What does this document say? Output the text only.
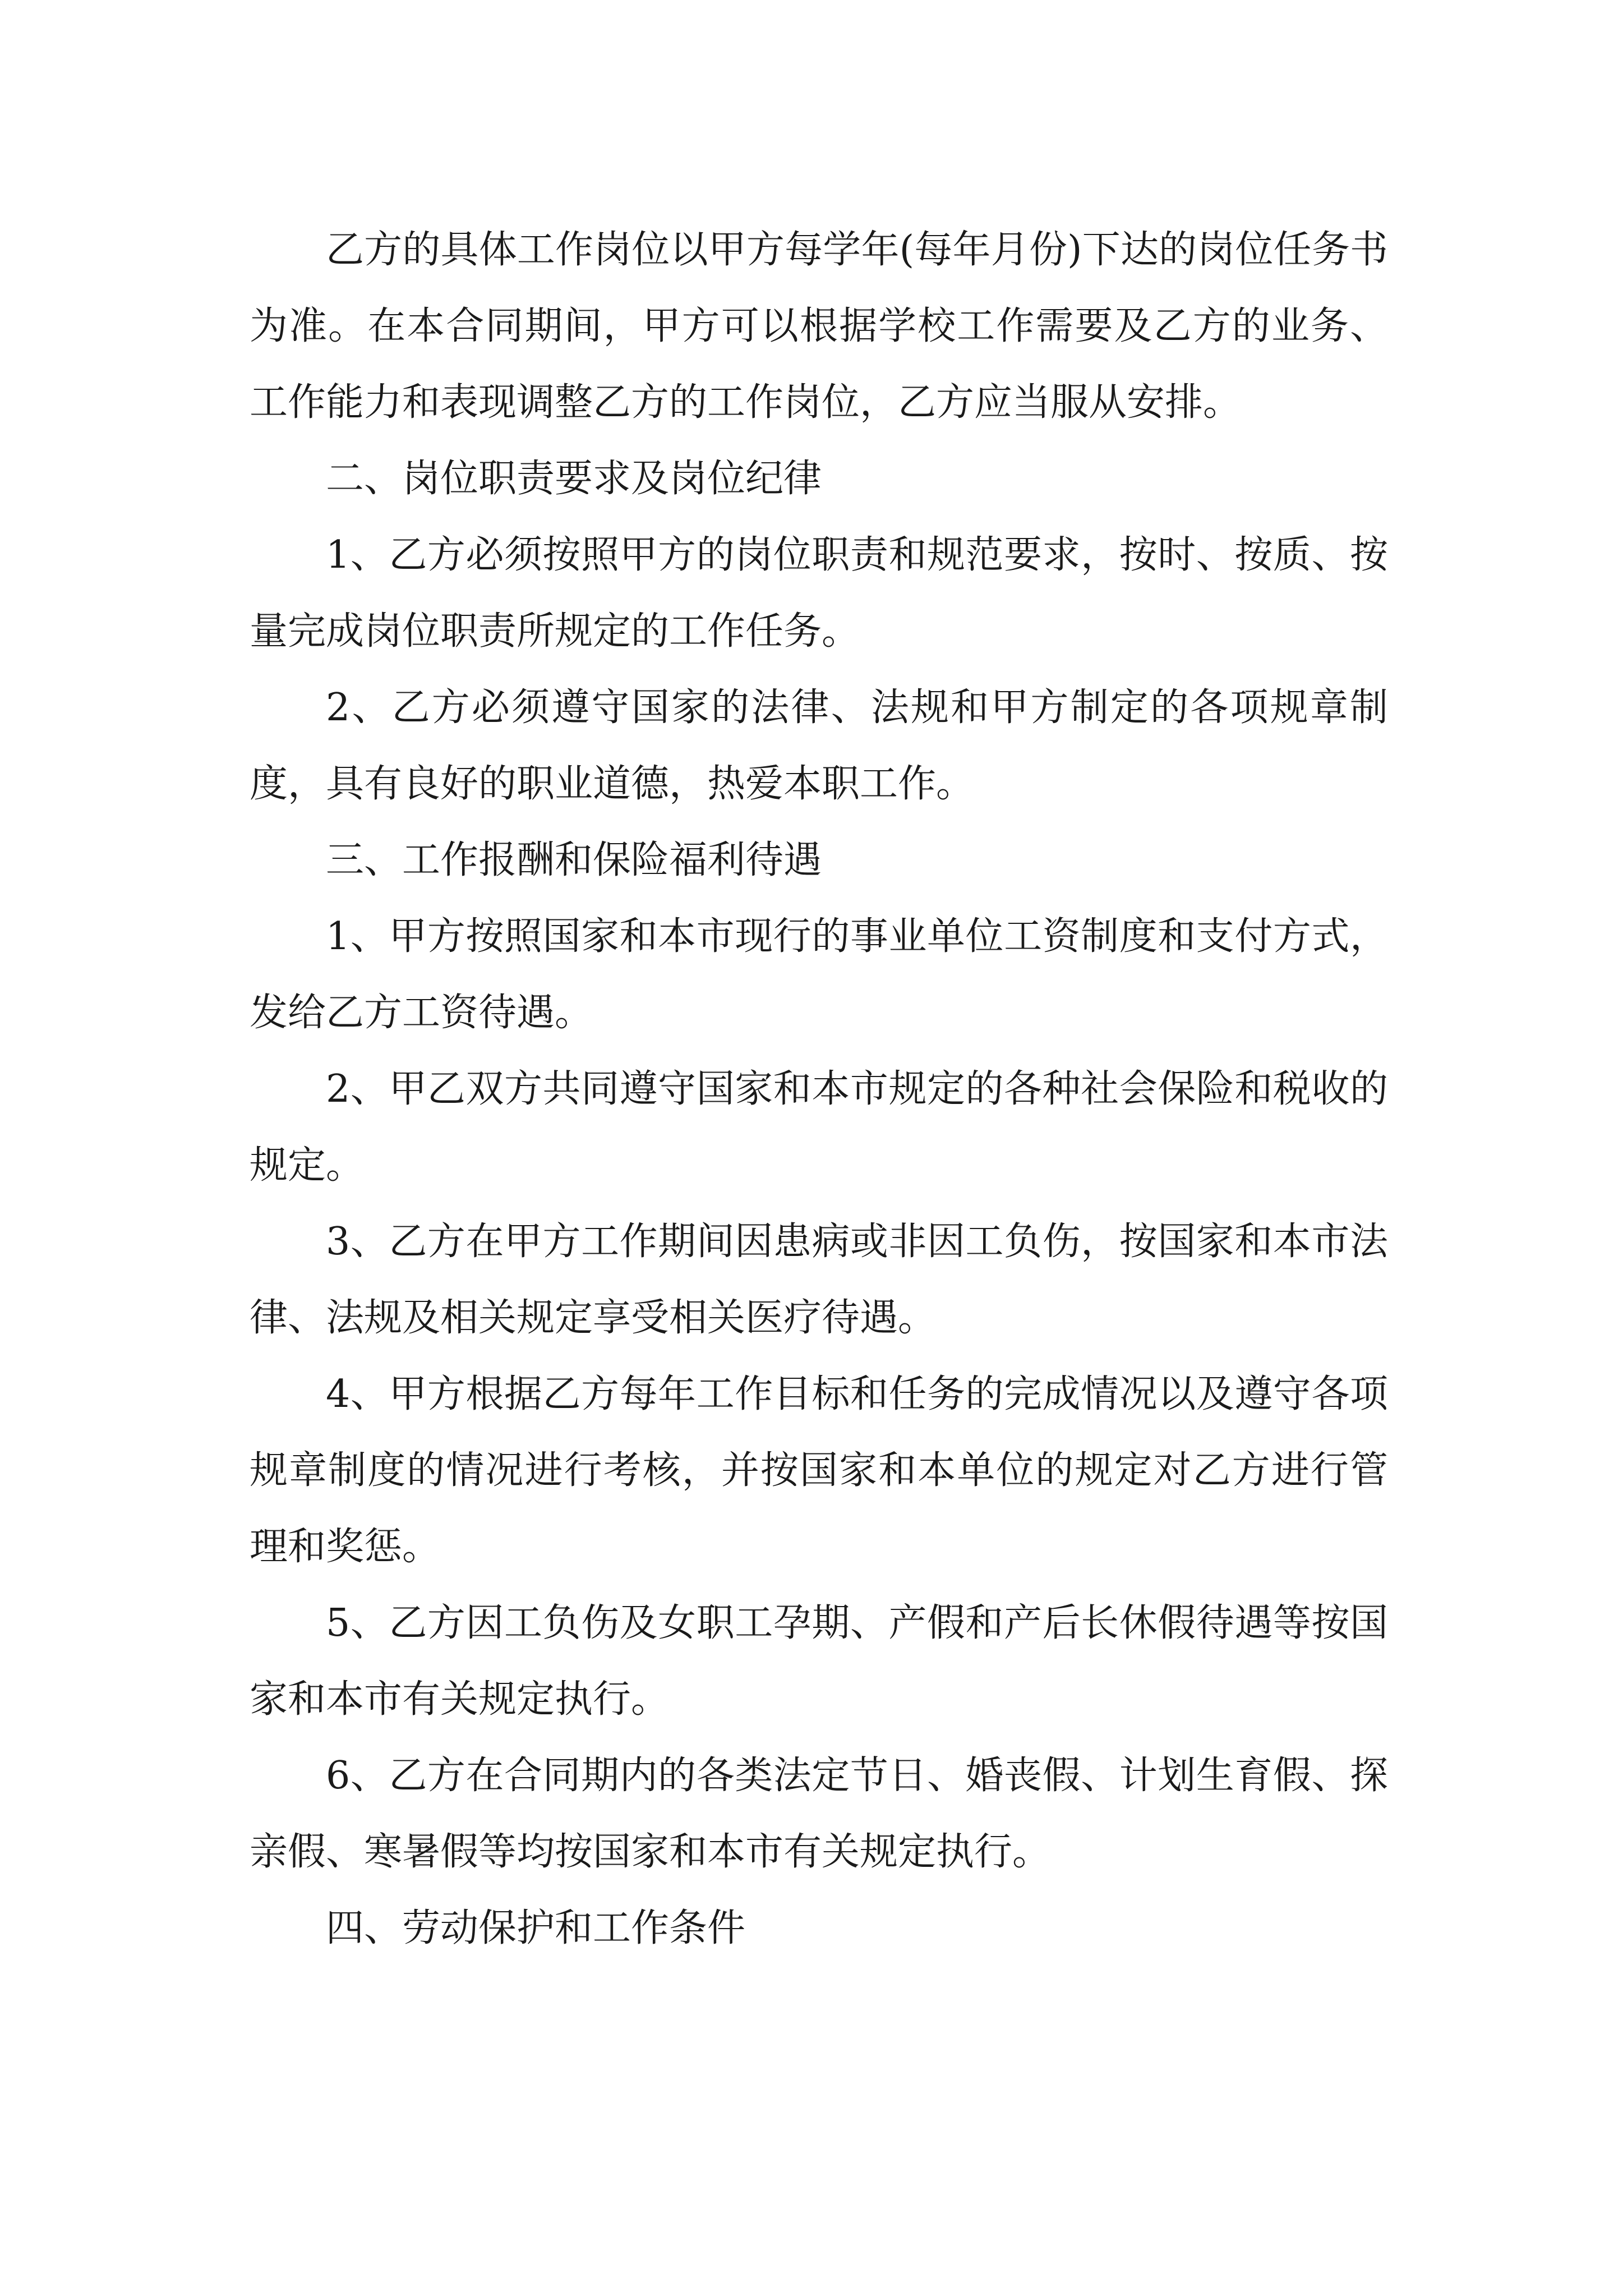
乙方的具体工作岗位以甲方每学年(每年月份)下达的岗位任务书为准。在本合同期间，甲方可以根据学校工作需要及乙方的业务、工作能力和表现调整乙方的工作岗位，乙方应当服从安排。

二、岗位职责要求及岗位纪律

1、乙方必须按照甲方的岗位职责和规范要求，按时、按质、按量完成岗位职责所规定的工作任务。

2、乙方必须遵守国家的法律、法规和甲方制定的各项规章制度，具有良好的职业道德，热爱本职工作。

三、工作报酬和保险福利待遇

1、甲方按照国家和本市现行的事业单位工资制度和支付方式，发给乙方工资待遇。

2、甲乙双方共同遵守国家和本市规定的各种社会保险和税收的规定。

3、乙方在甲方工作期间因患病或非因工负伤，按国家和本市法律、法规及相关规定享受相关医疗待遇。

4、甲方根据乙方每年工作目标和任务的完成情况以及遵守各项规章制度的情况进行考核，并按国家和本单位的规定对乙方进行管理和奖惩。

5、乙方因工负伤及女职工孕期、产假和产后长休假待遇等按国家和本市有关规定执行。

6、乙方在合同期内的各类法定节日、婚丧假、计划生育假、探亲假、寒暑假等均按国家和本市有关规定执行。

四、劳动保护和工作条件
